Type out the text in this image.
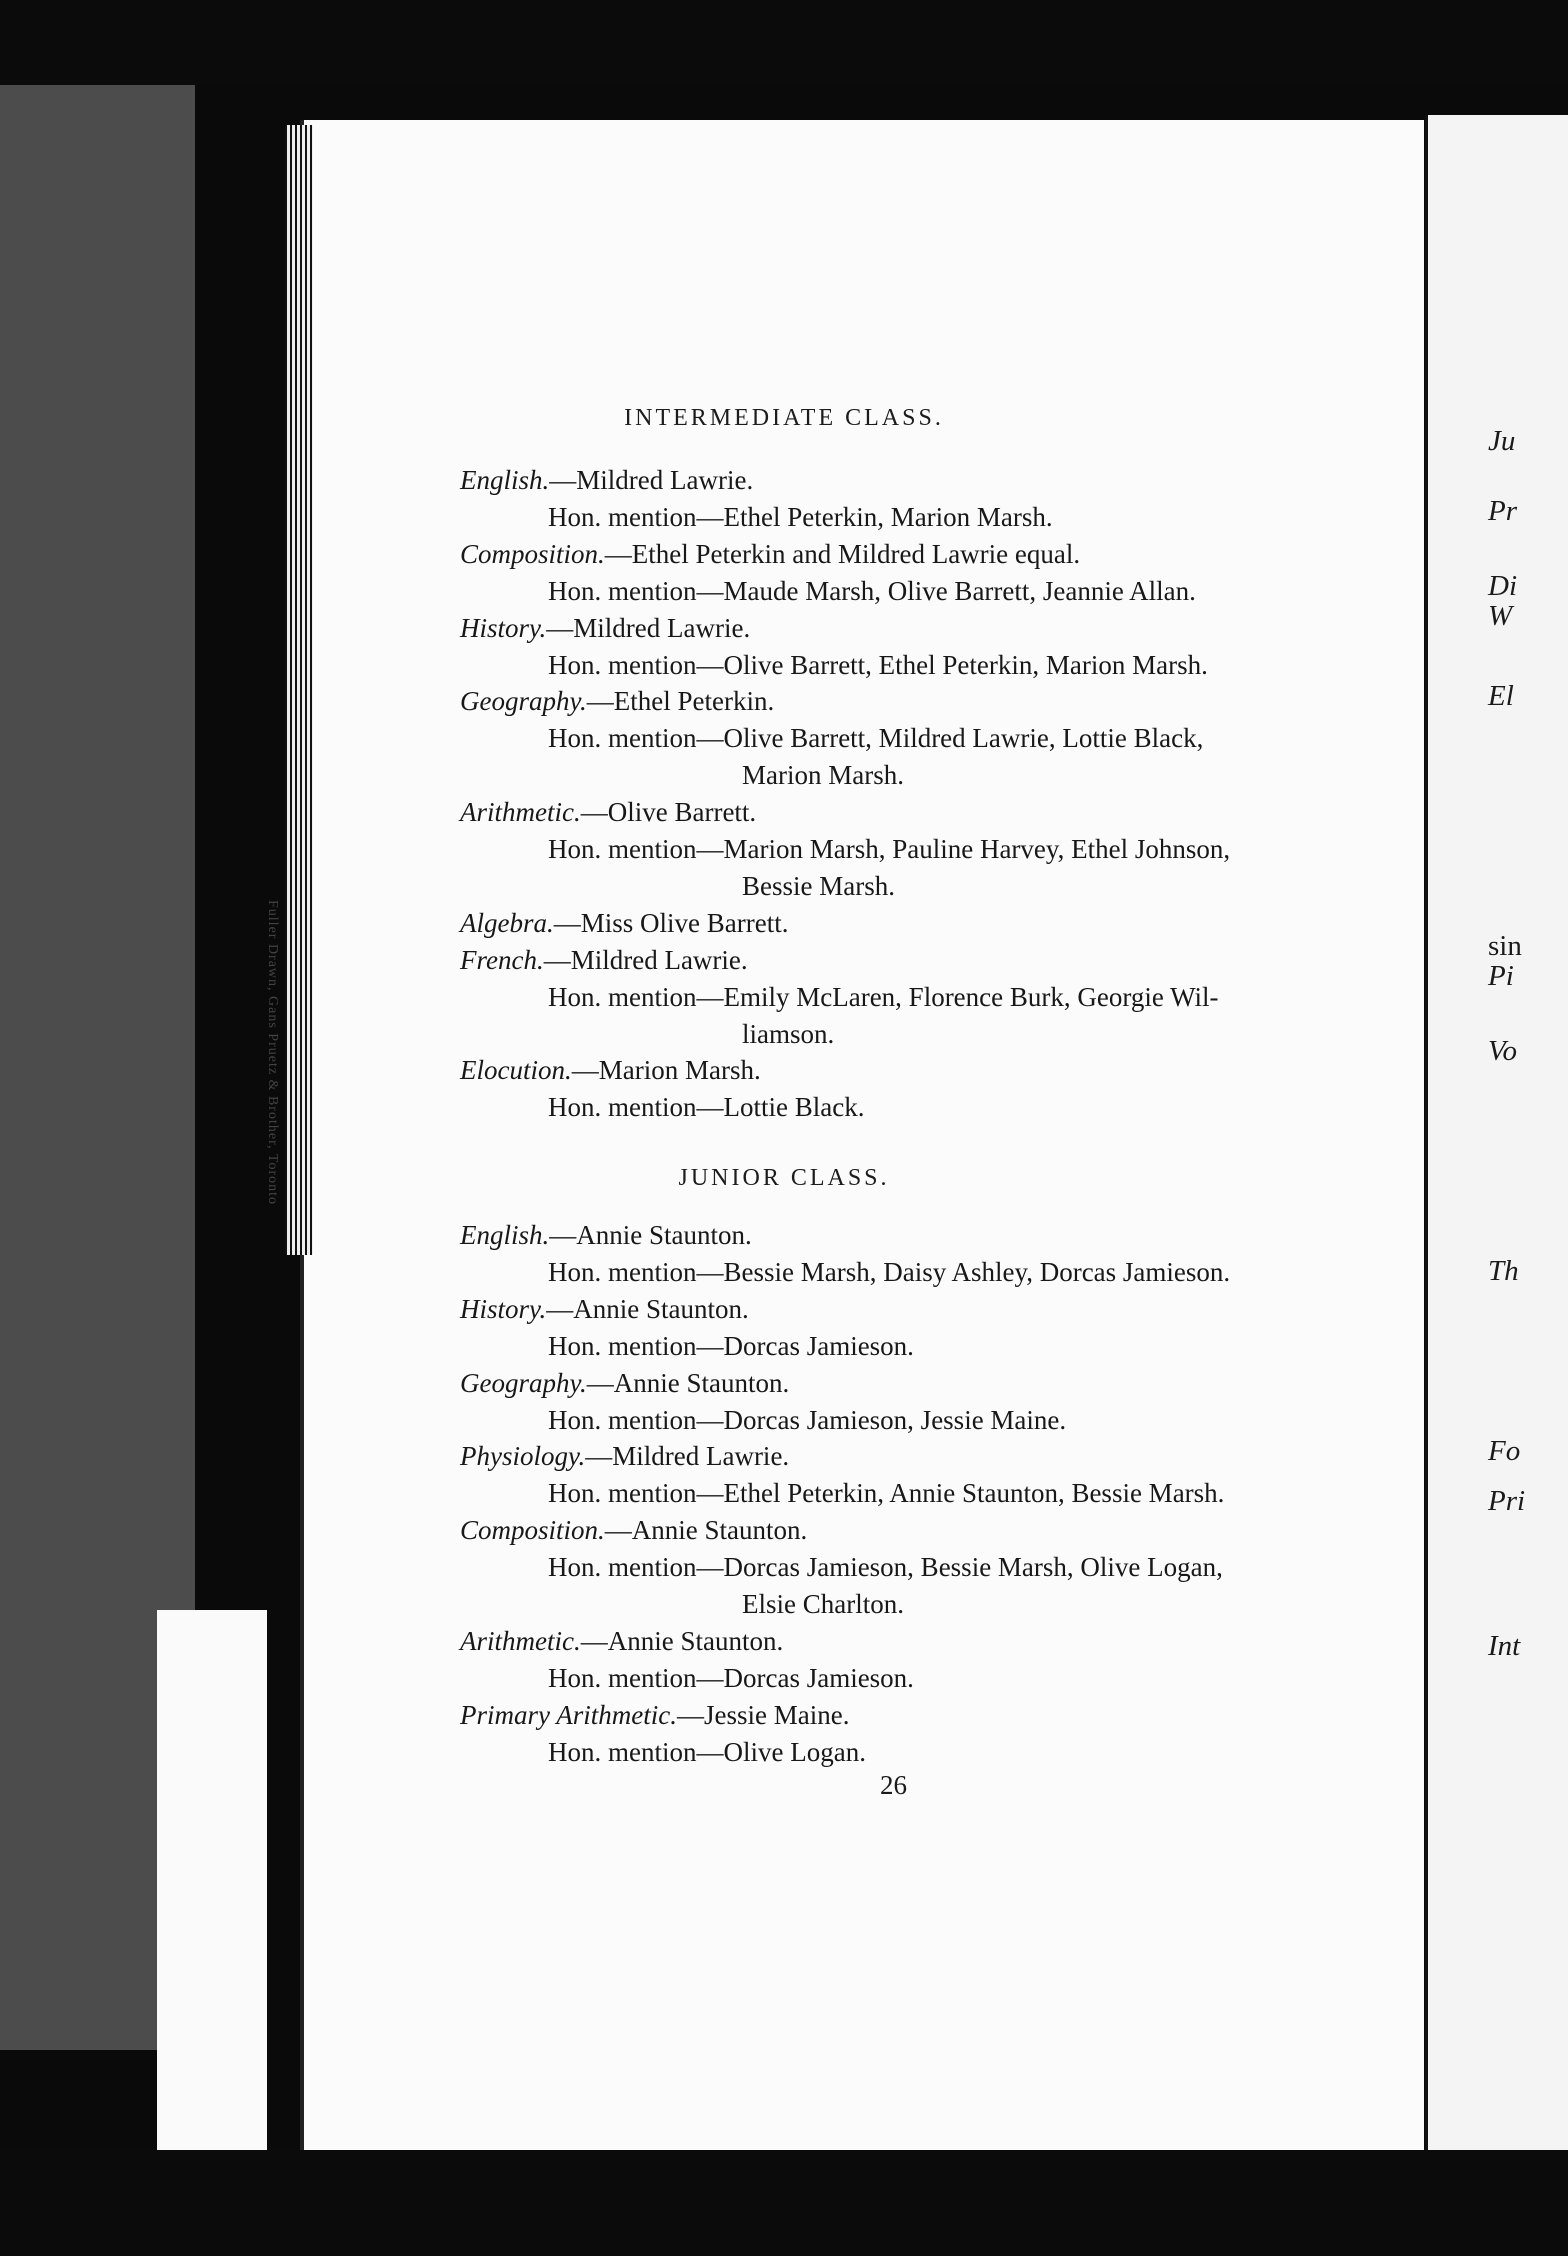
Fuller Drawn, Gans Pruetz & Brother, Toronto
Ju
Pr
Di
W
El
sin
Pi
Vo
Th
Fo
Pri
Int
INTERMEDIATE CLASS.
English.—Mildred Lawrie.
Hon. mention—Ethel Peterkin, Marion Marsh.
Composition.—Ethel Peterkin and Mildred Lawrie equal.
Hon. mention—Maude Marsh, Olive Barrett, Jeannie Allan.
History.—Mildred Lawrie.
Hon. mention—Olive Barrett, Ethel Peterkin, Marion Marsh.
Geography.—Ethel Peterkin.
Hon. mention—Olive Barrett, Mildred Lawrie, Lottie Black,
Marion Marsh.
Arithmetic.—Olive Barrett.
Hon. mention—Marion Marsh, Pauline Harvey, Ethel Johnson,
Bessie Marsh.
Algebra.—Miss Olive Barrett.
French.—Mildred Lawrie.
Hon. mention—Emily McLaren, Florence Burk, Georgie Wil-
liamson.
Elocution.—Marion Marsh.
Hon. mention—Lottie Black.
JUNIOR CLASS.
English.—Annie Staunton.
Hon. mention—Bessie Marsh, Daisy Ashley, Dorcas Jamieson.
History.—Annie Staunton.
Hon. mention—Dorcas Jamieson.
Geography.—Annie Staunton.
Hon. mention—Dorcas Jamieson, Jessie Maine.
Physiology.—Mildred Lawrie.
Hon. mention—Ethel Peterkin, Annie Staunton, Bessie Marsh.
Composition.—Annie Staunton.
Hon. mention—Dorcas Jamieson, Bessie Marsh, Olive Logan,
Elsie Charlton.
Arithmetic.—Annie Staunton.
Hon. mention—Dorcas Jamieson.
Primary Arithmetic.—Jessie Maine.
Hon. mention—Olive Logan.
26
